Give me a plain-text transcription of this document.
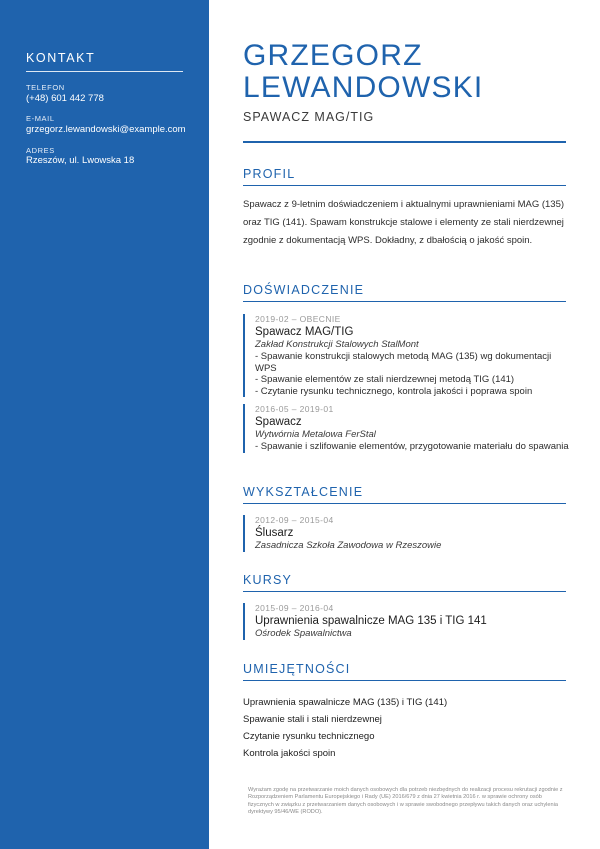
KONTAKT
TELEFON
(+48) 601 442 778
E-MAIL
grzegorz.lewandowski@example.com
ADRES
Rzeszów, ul. Lwowska 18
GRZEGORZ
LEWANDOWSKI
SPAWACZ MAG/TIG
PROFIL
Spawacz z 9-letnim doświadczeniem i aktualnymi uprawnieniami MAG (135) oraz TIG (141). Spawam konstrukcje stalowe i elementy ze stali nierdzewnej zgodnie z dokumentacją WPS. Dokładny, z dbałością o jakość spoin.
DOŚWIADCZENIE
2019-02 – OBECNIE
Spawacz MAG/TIG
Zakład Konstrukcji Stalowych StalMont
- Spawanie konstrukcji stalowych metodą MAG (135) wg dokumentacji WPS
- Spawanie elementów ze stali nierdzewnej metodą TIG (141)
- Czytanie rysunku technicznego, kontrola jakości i poprawa spoin
2016-05 – 2019-01
Spawacz
Wytwórnia Metalowa FerStal
- Spawanie i szlifowanie elementów, przygotowanie materiału do spawania
WYKSZTAŁCENIE
2012-09 – 2015-04
Ślusarz
Zasadnicza Szkoła Zawodowa w Rzeszowie
KURSY
2015-09 – 2016-04
Uprawnienia spawalnicze MAG 135 i TIG 141
Ośrodek Spawalnictwa
UMIEJĘTNOŚCI
Uprawnienia spawalnicze MAG (135) i TIG (141)
Spawanie stali i stali nierdzewnej
Czytanie rysunku technicznego
Kontrola jakości spoin
Wyrażam zgodę na przetwarzanie moich danych osobowych dla potrzeb niezbędnych do realizacji procesu rekrutacji zgodnie z Rozporządzeniem Parlamentu Europejskiego i Rady (UE) 2016/679 z dnia 27 kwietnia 2016 r. w sprawie ochrony osób fizycznych w związku z przetwarzaniem danych osobowych i w sprawie swobodnego przepływu takich danych oraz uchylenia dyrektywy 95/46/WE (RODO).
